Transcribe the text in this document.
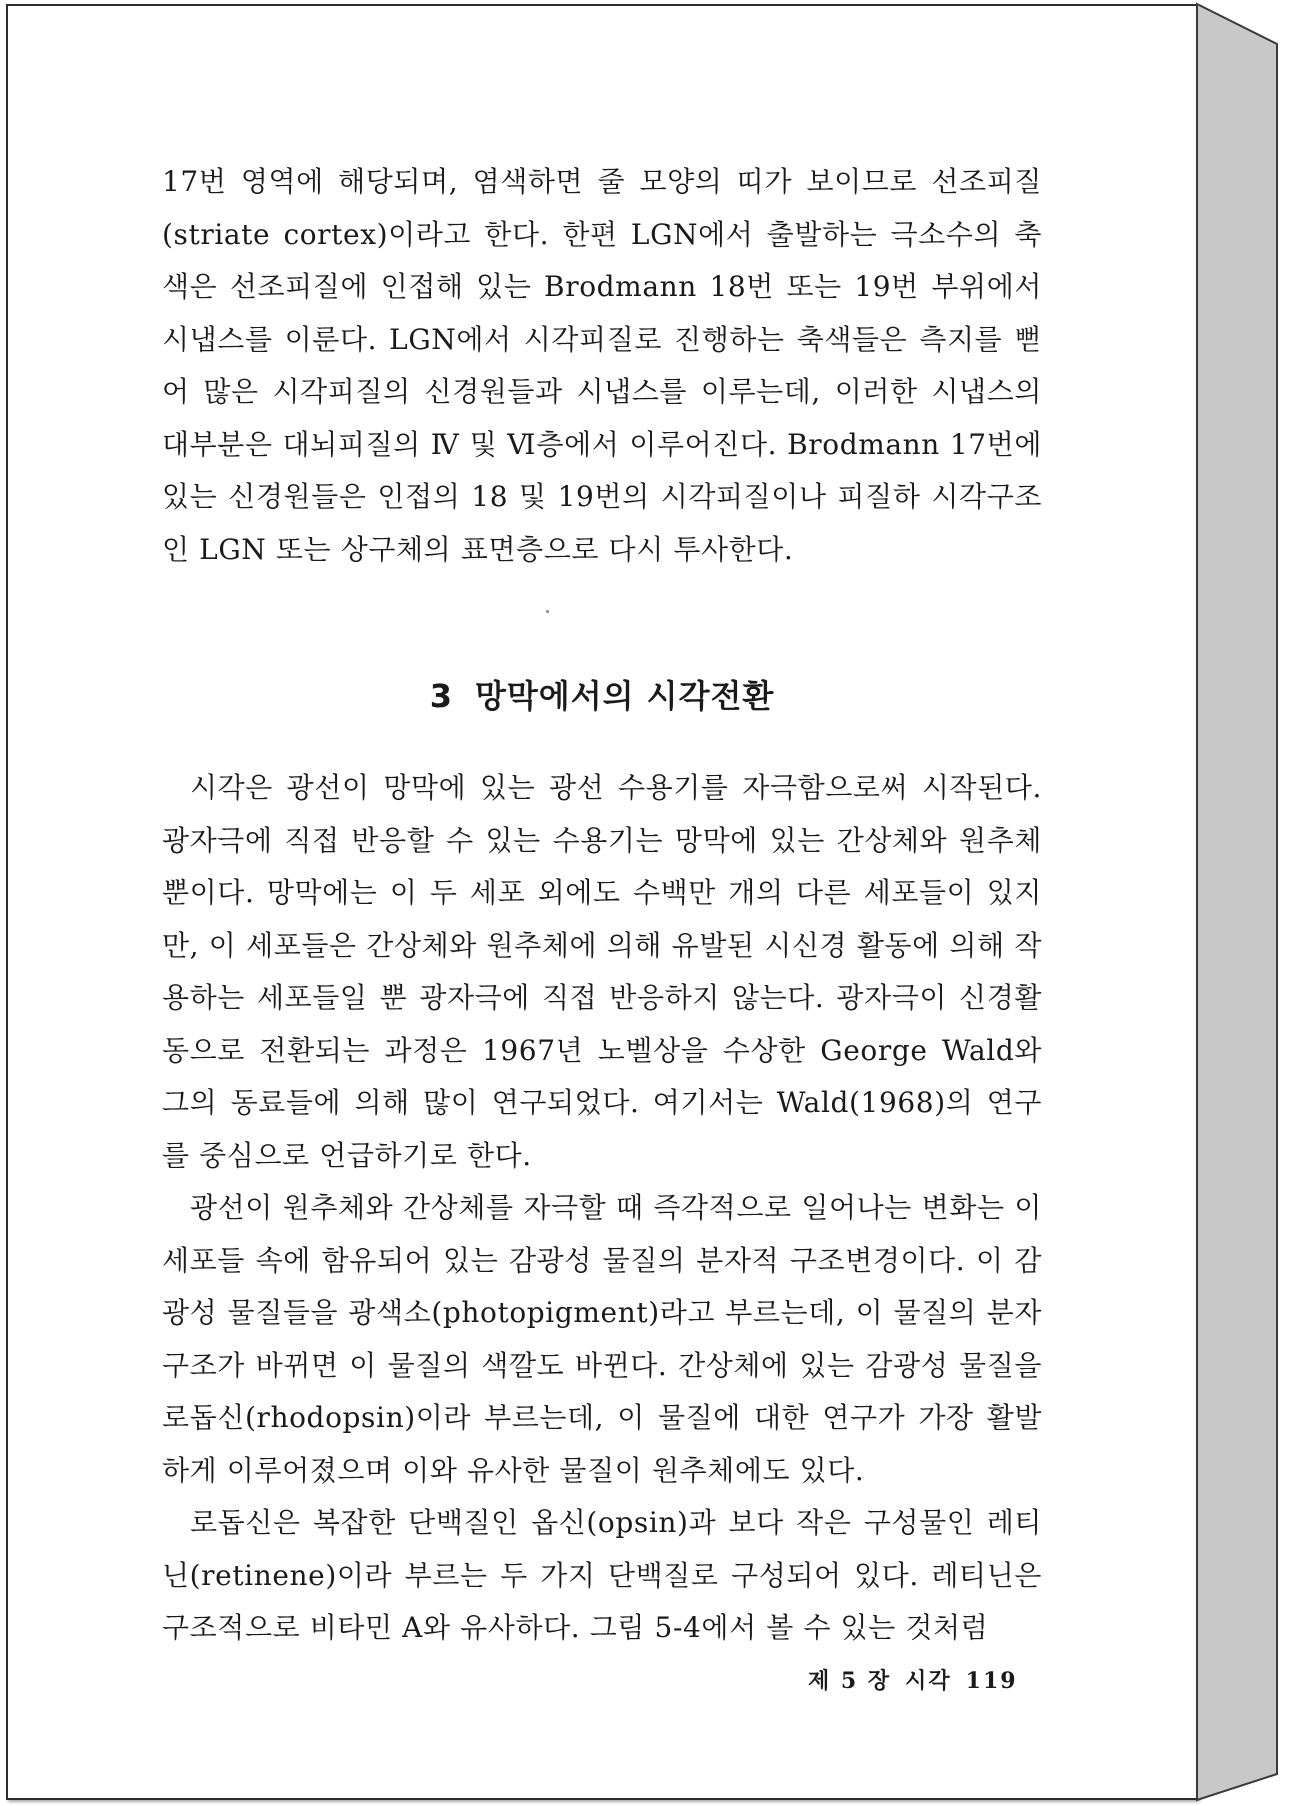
17번 영역에 해당되며, 염색하면 줄 모양의 띠가 보이므로 선조피질(striate cortex)이라고 한다. 한편 LGN에서 출발하는 극소수의 축색은 선조피질에 인접해 있는 Brodmann 18번 또는 19번 부위에서 시냅스를 이룬다. LGN에서 시각피질로 진행하는 축색들은 측지를 뻗어 많은 시각피질의 신경원들과 시냅스를 이루는데, 이러한 시냅스의 대부분은 대뇌피질의 Ⅳ 및 Ⅵ층에서 이루어진다. Brodmann 17번에 있는 신경원들은 인접의 18 및 19번의 시각피질이나 피질하 시각구조인 LGN 또는 상구체의 표면층으로 다시 투사한다.

3 망막에서의 시각전환

시각은 광선이 망막에 있는 광선 수용기를 자극함으로써 시작된다. 광자극에 직접 반응할 수 있는 수용기는 망막에 있는 간상체와 원추체뿐이다. 망막에는 이 두 세포 외에도 수백만 개의 다른 세포들이 있지만, 이 세포들은 간상체와 원추체에 의해 유발된 시신경 활동에 의해 작용하는 세포들일 뿐 광자극에 직접 반응하지 않는다. 광자극이 신경활동으로 전환되는 과정은 1967년 노벨상을 수상한 George Wald와 그의 동료들에 의해 많이 연구되었다. 여기서는 Wald(1968)의 연구를 중심으로 언급하기로 한다.

광선이 원추체와 간상체를 자극할 때 즉각적으로 일어나는 변화는 이 세포들 속에 함유되어 있는 감광성 물질의 분자적 구조변경이다. 이 감광성 물질들을 광색소(photopigment)라고 부르는데, 이 물질의 분자구조가 바뀌면 이 물질의 색깔도 바뀐다. 간상체에 있는 감광성 물질을 로돕신(rhodopsin)이라 부르는데, 이 물질에 대한 연구가 가장 활발하게 이루어졌으며 이와 유사한 물질이 원추체에도 있다.

로돕신은 복잡한 단백질인 옵신(opsin)과 보다 작은 구성물인 레티닌(retinene)이라 부르는 두 가지 단백질로 구성되어 있다. 레티닌은 구조적으로 비타민 A와 유사하다. 그림 5-4에서 볼 수 있는 것처럼

제 5 장 시각 119
